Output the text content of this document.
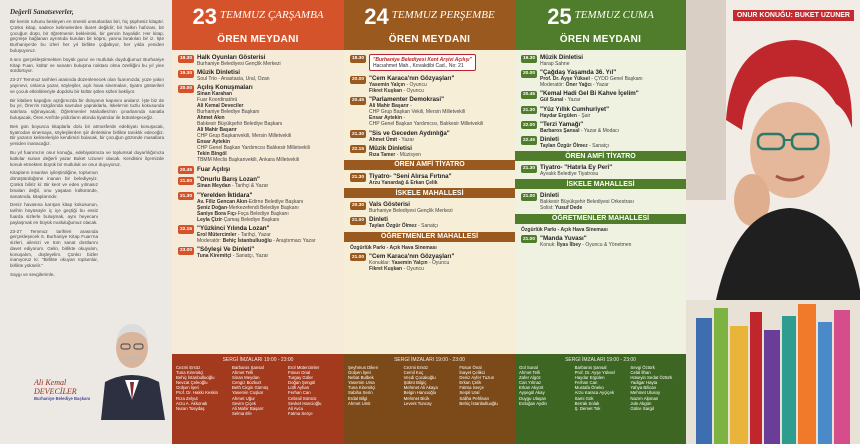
Değerli Sanatseverler,

Bir kentin ruhunu besleyen en önemli unsurlardan biri, hiç şüphesiz kitaptır. Çünkü kitap, sadece kelimelerden ibaret değildir; bir halkın hafızası, bir çocuğun düşü, bir öğretmenin bekleintisi, bir gencin hayalidir. Her kitap, geçmişe bağlanan ayrıntıda kurulan bir köprü, yarına bırakılan bir iz. İşte Burhaniye'de bu izleri her yıl birlikte çoğaltıyor, her yılda yeniden buluşuyoruz.

6.sını gerçekleştirmekten büyük gurur ve mutluluk duyduğumuz Burhaniye Kitap Fuarı, kültür ve sanatın buluşma noktası olma özelliğini bu yıl yine sürdürüyor.

23-27 Temmuz tarihleri arasında düzenlenecek olan fuarımızda; yüze yakın yayınevi, onlarca yazar, söyleşiler, açık hava sinemaları, tiyatro gösterileri ve çocuk etkinlikleriyle dopdolu bir kültür şölen sizleri bekliyor.

Bir kitaben kapağını açtığımızda bir dünyanın kapısını aralarız. İşte biz de bu yıl, Ören'in rüzgârında savrulan yapraklarla, İskele'nin tuzlu kokusunda satırlara sığmayacak; Öğretmenler Mahallesi'nin çınarlarında sanatla buluşacak, Ören Amfi'de yıldızların altında tiyatrolar ile bütünleşeceğiz.

Bes gün boyunca kitaplarla dolu bir atmosferde edebiyatı konuşacak, tiyatrodan sinemaya, söyleşilerden şiir dinletisine birlikte tanıklık edeceğiz. Bir yazarın kelimeleriyle kendimizi bulacak, bir çocuğun gözünde masallara yeniden inanacağız.

Bu yıl fuarımızın onur konuğu, edebiyatımıza ve toplumsal duyarlılığımıza katkılar sunan değerli yazar Buket Uzuner olacak. Kendisini ilçemizde konuk etmekten büyük bir mutluluk ve onur duyuyoruz.

Kitapların insanları iyileştirdiğine, toplumun dönüştürdüğüne inanan bir belediyeyiz. Çünkü biliriz ki: Bir kent ve eden yılmasız binaları değil, onu yaşatan kültüründe, sanatında, kitaplarındır.

Deniz havasına karışan kitap kokusunun, tarihin büyüsüyle iç içe geçtiği bu essiz fuarda sizlerle buluşmak, aynı heyecanı paylaşmak en büyük mutluluğumuz olacak.

23-27 Temmuz tarihleri arasında gerçekleşecek 6. Burhaniye Kitap Fuarı'na sizleri, ailenizi ve tüm sanat dostlarını davet ediyorum. Gelin, birlikte okuyalım, konuşalım, düşleyelim. Çünkü bizler inanıyoruz ki: "Birlikte okuyan toplumlar, birlikte yükselir."

Saygı ve sevgilerimle,
Ali Kemal DEVECİLER
Burhaniye Belediye Başkanı
23 TEMMUZ ÇARŞAMBA
ÖREN MEYDANI
19.30 Halk Oyunları Gösterisi
Burhaniye Belediyesi Gençlik Merkezi
19.30 Müzik Dinletisi
Soul Trio - Anastasia, Ural, Ozan
20.00 Açılış Konuşmaları
Sinan Karahan
Fuar Koordinatörü
Ali Kemal Deveciler
Burhaniye Belediye Başkanı
Ahmet Akın
Balıkesir Büyükşehir Belediye Başkanı
Ali Mahir Başarır
CHP Grup Başkanvekili, Mersin Milletvekili
Ensar Aytekin
CHP Genel Başkan Yardımcısı Balıkesir Milletvekili
Tekin Bingöl
TBMM Meclis Başkanvekili, Ankara Milletvekili
20.45 Fuar Açılışı
21.00 "Onurlu Barış Lozan"
Sinan Meydan - Tarihçi & Yazar
21.30 "Yerelden İktidara"
Av. Filiz Gencan Akın-Edirne Belediye Başkanı
Şeniz Doğan-Merkezefendi Belediye Başkanı
Saniye Bora Fıçı-Foça Belediye Başkanı
Leyla Çizir-Çamaş Belediye Başkanı
22.15 "Yüzkinci Yılında Lozan"
Erol Mütercimler - Tarihçi, Yazar
Moderatör: Behiç İstanbulluoğlu - Araştırmacı Yazar
23.00 "Söyleşi Ve Dinleti"
Tuna Kiremitçi - Sanatçı, Yazar
SERGİ İMZALARI 19:00 - 23:00
Cezmi Ersöz
Tuna Kiremitçi
Behiç İstanbulluoğlu
Nevzat Çeleoğlu
Gülşen İşeri
Prof. Dr. Hakkı Keskin
Rıza Zelyut
Arzu A. Akkonak
Nuran Tosydaş

Barbaros Şansal
Ahmet Telli
Sinan Meydan
Cengiz Bozkurt
Beth Cirgin Gümüş
Yasemin Coşkar
Ahmet Uğur
Sevim Çiçek
Ali Mahir Başarır
Selma Efe

Erol Mütercimler
Füsun Onal
Turgay Güler
Doğan Şengül
Lütfi Ayhan
Ferhan Can
Cebrail Sürücü
Sevket Hancioğlu
Ali Avcu
Fatma Serçe

24 TEMMUZ PERŞEMBE
ÖREN MEYDANI
18.30	"Burhaniye Belediyesi Kent Arşivi Açılışı"
Hacıahmet Mah., Kovakdibi Cad., No: 21
20.00 "Cem Karaca'nın Gözyaşları"
Yasemin Yalçın - Oyuncu
Fikret Kuşkan - Oyuncu
20.45 "Parlamenter Demokrasi"
Ali Mahir Başarır -
CHP Grup Başkan Vekili, Mersin Milletvekili
Ensar Aytekin -
CHP Genel Başkan Yardımcısı, Balıkesir Milletvekili
21.30 "Sis ve Geceden Aydınlığa"
Ahmet Ümit - Yazar
22.15 Müzik Dinletisi
Rıza Tamer - Müzisyen
ÖREN AMFİ TİYATRO
21.30 Tiyatro- "Seni Alırsa Fırtına"
Arzu Yanardağ & Erkan Çelik
İSKELE MAHALLESİ
20.30 Vals Gösterisi
Burhaniye Belediyesi Gençlik Merkezi
21.00 Dinleti
Taylan Özgür Ölmez - Sanatçı
ÖĞRETMENLER MAHALLESİ
Özgürlük Parkı - Açık Hava Sineması
21.00 "Cem Karaca'nın Gözyaşları"
Konuklar: Yasemin Yalçın - Oyuncu
Fikret Kuşkan - Oyuncu
SERGİ İMZALARI 19:00 - 23:00
Şeyhmus Diken
Gülşen İşeri
Nebat Bulbek
Yasemin Ursa
Tuna Kiremitçi
Sabiha Serin
Erdal Bilgi
Ahmet Umit

Cezmi Ersöz
Cemil Koç
Vecdi Çocakoğlu
Şükrü Bilgiç
Mehmet Ali Akaya
Belgin Hancıoğlu
Mehmet Bicik
Levent Tuncay

Füsun Önal
İnayet Çelikci
Deniz Ayfer Tuzun
Erkan Çelik
Fatma Serçe
Serpil Ural
Saliha Pehlivan
Behiç İstanbulluoğlu

25 TEMMUZ CUMA
ÖREN MEYDANI
19.30 Müzik Dinletisi
Harap Sahne
20.00 "Çağdaş Yaşamda 36. Yıl"
Prof. Dr. Ayşe Yüksel - ÇYDD Genel Başkanı
Moderatör: Öner Yağcı - Yazar
20.45 "Kemal Hadi Gel Bi Kahve İçelim"
Gül Sunal - Yazar
21.30 "Yüz Yıllık Cumhuriyet"
Haydar Ergülen - Şair
22.00 "Terzi Yamağı"
Barbaros Şansal - Yazar & Modacı
22.45 Dinleti
Taylan Özgür Ölmez - Sanatçı
ÖREN AMFİ TİYATRO
21.30 Tiyatro- "Hatırla Ey Peri"
Ayvalık Belediye Tiyatrosu
İSKELE MAHALLESİ
21.00 Dinleti
Balıkesir Büyükşehir Belediyesi Orkestrası
Solist: Yusuf Dede
ÖĞRETMENLER MAHALLESİ
Özgürlük Parkı - Açık Hava Sineması
21.00 "Manda Yuvası"
Konuk: İlyas İlbey - Oyuncu & Yönetmen
SERGİ İMZALARI 19:00 - 23:00
Gül Sunal
Ahmet Telli
Zafer Algöz
Can Yılmaz
Erkan Akyürt
Ayşegül Akay
Duygu Ulaşan
Erdoğan Aydin

Barbaros Şansal
Prof. Dr. Ayşe Yüksel
Haydar Ergülen
Ferhan Can
Mustafa Öneko
Arzu Karaca Ayçiçek
Sami Gök
Berrak Solak
Ş. Demet Tok

Sevgi Öztürk
Celal İlhan
Hüseyin Sedat Öztürk
Yadigar Hayta
Yahya Bilican
Mehmet Ulusoy
Nazım Alpman
Jule Akgün
Gülce Sargıl

ONUR KONUĞU: BUKET UZUNER
